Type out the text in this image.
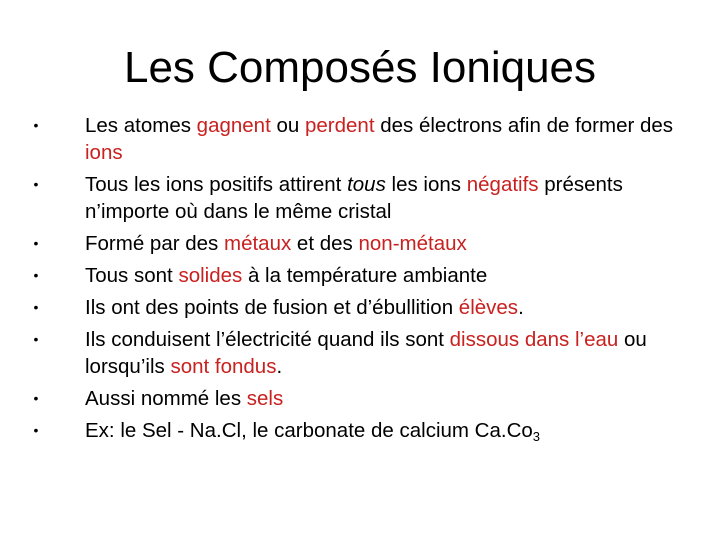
Les Composés Ioniques
• Les atomes gagnent ou perdent des électrons afin de former des ions
• Tous les ions positifs attirent tous les ions négatifs présents n’importe où dans le même cristal
• Formé par des métaux et des non-métaux
• Tous sont solides à la température ambiante
• Ils ont des points de fusion et d’ébullition élèves.
• Ils conduisent l’électricité quand ils sont dissous dans l’eau ou lorsqu’ils sont fondus.
• Aussi nommé les sels
• Ex: le Sel - Na.Cl, le carbonate de calcium $Ca.Co_3$
